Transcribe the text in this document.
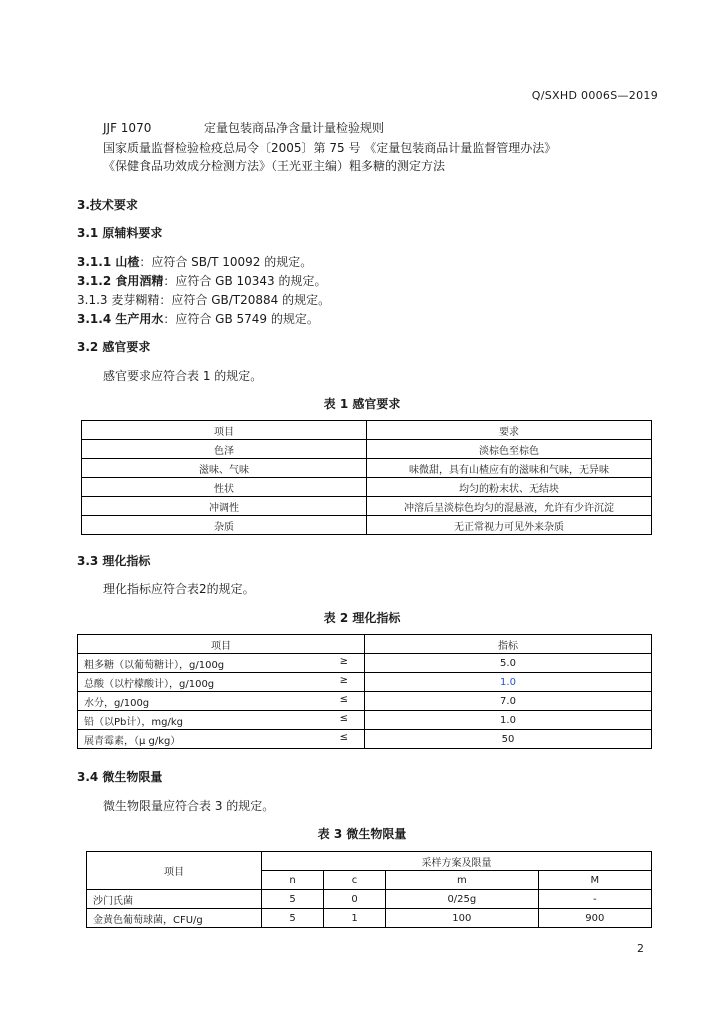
Q/SXHD 0006S—2019
JJF 1070	定量包装商品净含量计量检验规则
国家质量监督检验检疫总局令〔2005〕第 75 号 《定量包装商品计量监督管理办法》
《保健食品功效成分检测方法》（王光亚主编）粗多糖的测定方法
3.技术要求
3.1 原辅料要求
3.1.1 山楂：应符合 SB/T 10092 的规定。
3.1.2 食用酒精：应符合 GB 10343 的规定。
3.1.3 麦芽糊精：应符合 GB/T20884 的规定。
3.1.4 生产用水：应符合 GB 5749 的规定。
3.2 感官要求
感官要求应符合表 1 的规定。
表 1 感官要求
项目	要求
色泽	淡棕色至棕色
滋味、气味	味微甜，具有山楂应有的滋味和气味，无异味
性状	均匀的粉末状、无结块
冲调性	冲溶后呈淡棕色均匀的混悬液，允许有少许沉淀
杂质	无正常视力可见外来杂质
3.3 理化指标
理化指标应符合表2的规定。
表 2 理化指标
项目	指标
粗多糖（以葡萄糖计），g/100g ≥	5.0
总酸（以柠檬酸计），g/100g ≥	1.0
水分，g/100g ≤	7.0
铅（以Pb计），mg/kg ≤	1.0
展青霉素，（μ g/kg） ≤	50
3.4 微生物限量
微生物限量应符合表 3 的规定。
表 3 微生物限量
项目	采样方案及限量			
	n	c	m	M
沙门氏菌	5	0	0/25g	-
金黄色葡萄球菌，CFU/g	5	1	100	900
2
